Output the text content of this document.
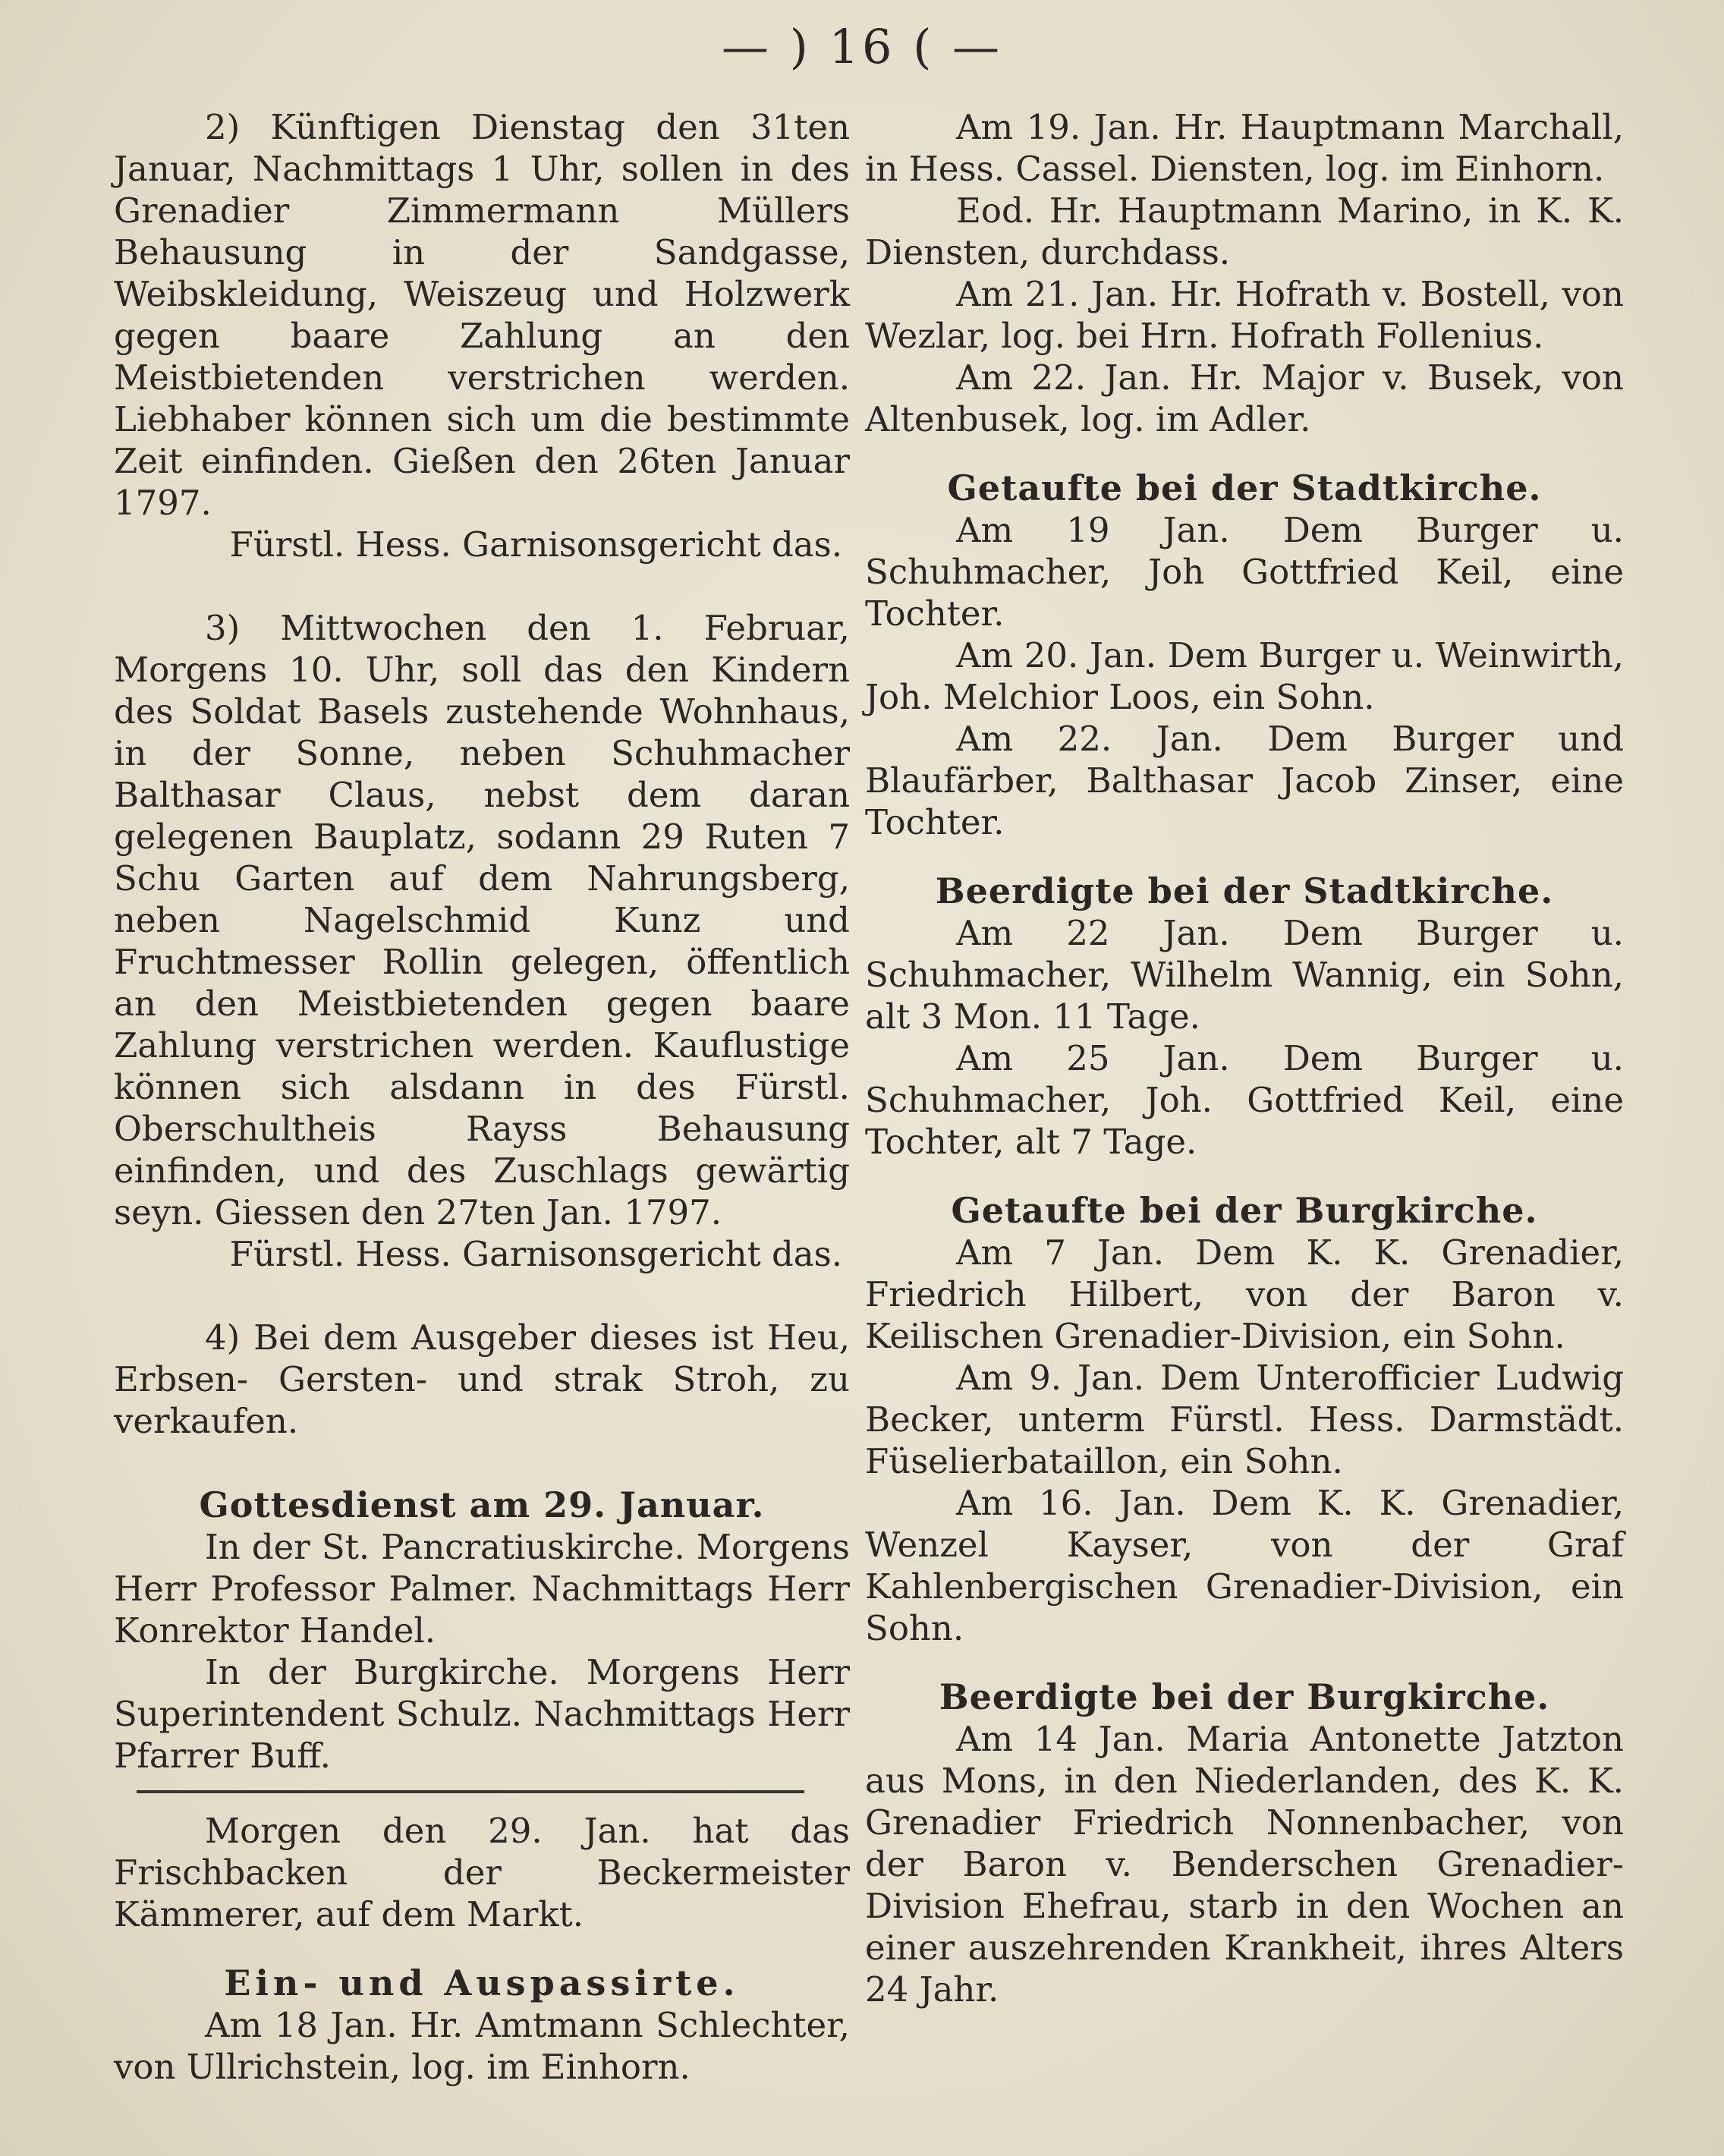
— ) 16 ( —

2) Künftigen Dienstag den 31ten Januar, Nachmittags 1 Uhr, sollen in des Grenadier Zimmermann Müllers Behausung in der Sandgasse, Weibskleidung, Weiszeug und Holzwerk gegen baare Zahlung an den Meistbietenden verstrichen werden. Liebhaber können sich um die bestimmte Zeit einfinden. Gießen den 26ten Januar 1797.

Fürstl. Hess. Garnisonsgericht das.

3) Mittwochen den 1. Februar, Morgens 10. Uhr, soll das den Kindern des Soldat Basels zustehende Wohnhaus, in der Sonne, neben Schuhmacher Balthasar Claus, nebst dem daran gelegenen Bauplatz, sodann 29 Ruten 7 Schu Garten auf dem Nahrungsberg, neben Nagelschmid Kunz und Fruchtmesser Rollin gelegen, öffentlich an den Meistbietenden gegen baare Zahlung verstrichen werden. Kauflustige können sich alsdann in des Fürstl. Oberschultheis Rayss Behausung einfinden, und des Zuschlags gewärtig seyn. Giessen den 27ten Jan. 1797.

Fürstl. Hess. Garnisonsgericht das.

4) Bei dem Ausgeber dieses ist Heu, Erbsen- Gersten- und strak Stroh, zu verkaufen.

Gottesdienst am 29. Januar.

In der St. Pancratiuskirche. Morgens Herr Professor Palmer. Nachmittags Herr Konrektor Handel.

In der Burgkirche. Morgens Herr Superintendent Schulz. Nachmittags Herr Pfarrer Buff.

Morgen den 29. Jan. hat das Frischbacken der Beckermeister Kämmerer, auf dem Markt.

Ein- und Auspassirte.

Am 18 Jan. Hr. Amtmann Schlechter, von Ullrichstein, log. im Einhorn.

Am 19. Jan. Hr. Hauptmann Marchall, in Hess. Cassel. Diensten, log. im Einhorn.

Eod. Hr. Hauptmann Marino, in K. K. Diensten, durchdass.

Am 21. Jan. Hr. Hofrath v. Bostell, von Wezlar, log. bei Hrn. Hofrath Follenius.

Am 22. Jan. Hr. Major v. Busek, von Altenbusek, log. im Adler.

Getaufte bei der Stadtkirche.

Am 19 Jan. Dem Burger u. Schuhmacher, Joh Gottfried Keil, eine Tochter.

Am 20. Jan. Dem Burger u. Weinwirth, Joh. Melchior Loos, ein Sohn.

Am 22. Jan. Dem Burger und Blaufärber, Balthasar Jacob Zinser, eine Tochter.

Beerdigte bei der Stadtkirche.

Am 22 Jan. Dem Burger u. Schuhmacher, Wilhelm Wannig, ein Sohn, alt 3 Mon. 11 Tage.

Am 25 Jan. Dem Burger u. Schuhmacher, Joh. Gottfried Keil, eine Tochter, alt 7 Tage.

Getaufte bei der Burgkirche.

Am 7 Jan. Dem K. K. Grenadier, Friedrich Hilbert, von der Baron v. Keilischen Grenadier-Division, ein Sohn.

Am 9. Jan. Dem Unterofficier Ludwig Becker, unterm Fürstl. Hess. Darmstädt. Füselierbataillon, ein Sohn.

Am 16. Jan. Dem K. K. Grenadier, Wenzel Kayser, von der Graf Kahlenbergischen Grenadier-Division, ein Sohn.

Beerdigte bei der Burgkirche.

Am 14 Jan. Maria Antonette Jatzton aus Mons, in den Niederlanden, des K. K. Grenadier Friedrich Nonnenbacher, von der Baron v. Benderschen Grenadier-Division Ehefrau, starb in den Wochen an einer auszehrenden Krankheit, ihres Alters 24 Jahr.
